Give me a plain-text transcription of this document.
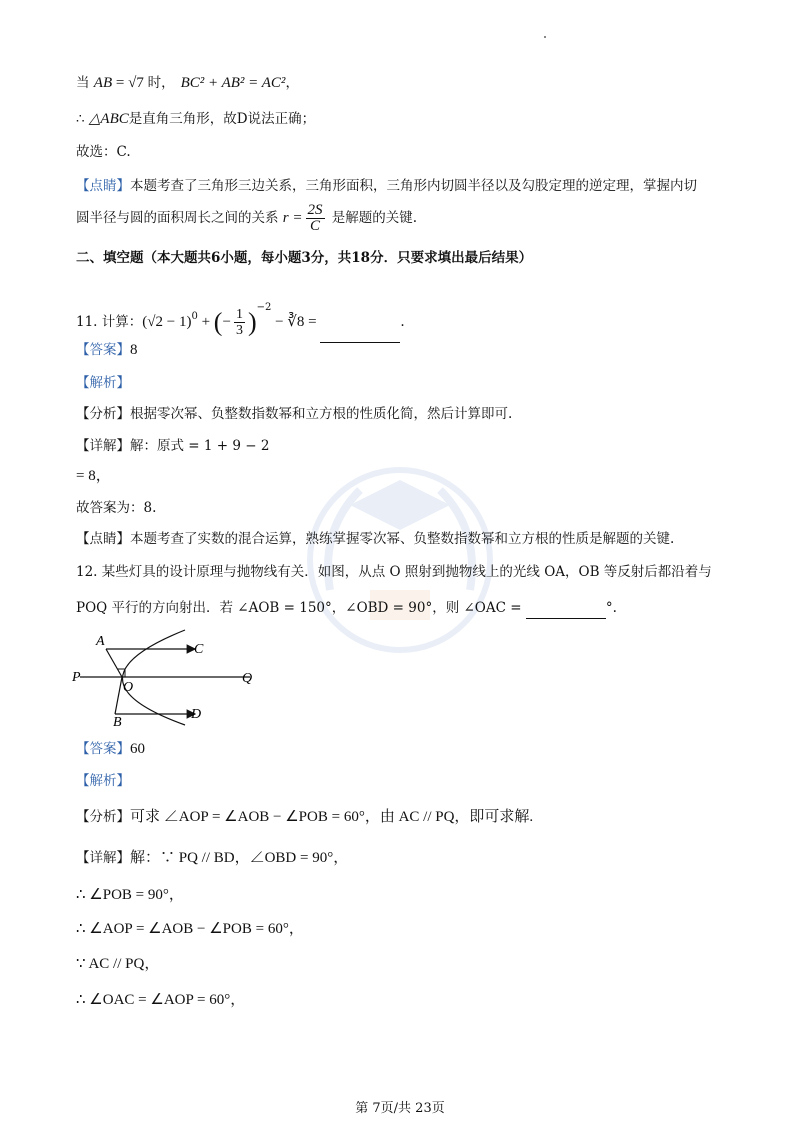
当 AB = √7 时， BC² + AB² = AC²，
∴ △ABC是直角三角形，故D说法正确；
故选：C.
【点睛】本题考查了三角形三边关系，三角形面积，三角形内切圆半径以及勾股定理的逆定理，掌握内切
圆半径与圆的面积周长之间的关系 $r = \frac{2S}{C}$ 是解题的关键.
二、填空题（本大题共6小题，每小题3分，共18分．只要求填出最后结果）
11. 计算：$(√2 - 1)^0$ + (− $\frac{1}{3} )^{-2}$ − ∛8 =	.
【答案】8
【解析】
【分析】根据零次幂、负整数指数幂和立方根的性质化简，然后计算即可.
【详解】解：原式 = 1 + 9 − 2
= 8，
故答案为：8.
【点睛】本题考查了实数的混合运算，熟练掌握零次幂、负整数指数幂和立方根的性质是解题的关键.
12. 某些灯具的设计原理与抛物线有关．如图，从点 O 照射到抛物线上的光线 OA，OB 等反射后都沿着与
POQ 平行的方向射出．若 ∠AOB = 150°，∠OBD = 90°，则 ∠OAC =	°.
A
P
O
Q
C
B
D
【答案】60
【解析】
【分析】可求 ∠AOP = ∠AOB − ∠POB = 60°，由 AC // PQ，即可求解.
【详解】解：∵ PQ // BD，∠OBD = 90°，
∴ ∠POB = 90°，
∴ ∠AOP = ∠AOB − ∠POB = 60°，
∵ AC // PQ，
∴ ∠OAC = ∠AOP = 60°，
第 7页/共 23页
